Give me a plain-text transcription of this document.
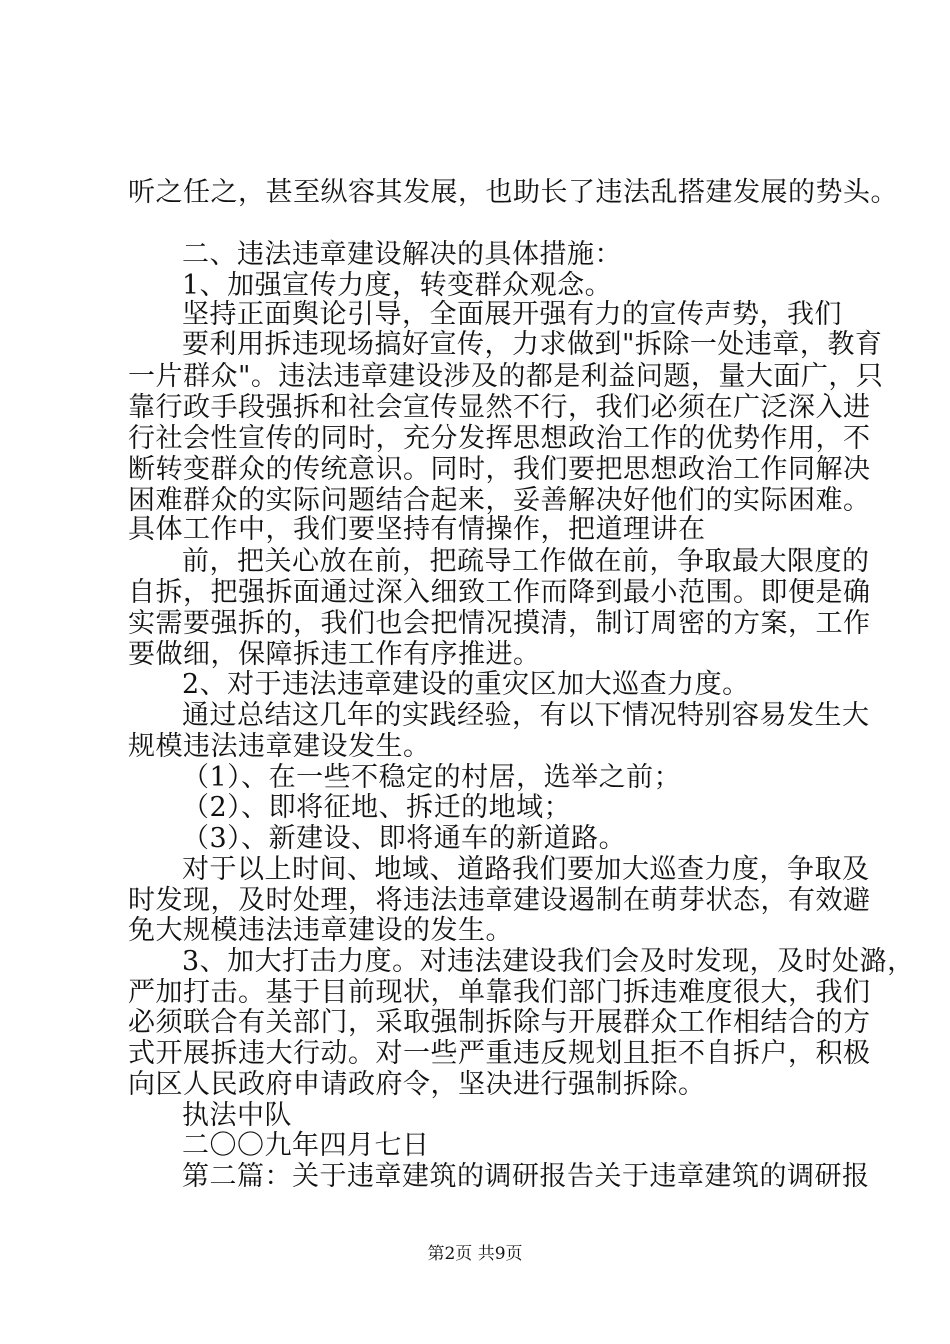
听之任之，甚至纵容其发展，也助长了违法乱搭建发展的势头。
二、违法违章建设解决的具体措施：
1、加强宣传力度，转变群众观念。
坚持正面舆论引导，全面展开强有力的宣传声势，我们
要利用拆违现场搞好宣传，力求做到"拆除一处违章，教育
一片群众"。违法违章建设涉及的都是利益问题，量大面广，只
靠行政手段强拆和社会宣传显然不行，我们必须在广泛深入进
行社会性宣传的同时，充分发挥思想政治工作的优势作用，不
断转变群众的传统意识。同时，我们要把思想政治工作同解决
困难群众的实际问题结合起来，妥善解决好他们的实际困难。
具体工作中，我们要坚持有情操作，把道理讲在
前，把关心放在前，把疏导工作做在前，争取最大限度的
自拆，把强拆面通过深入细致工作而降到最小范围。即便是确
实需要强拆的，我们也会把情况摸清，制订周密的方案，工作
要做细，保障拆违工作有序推进。
2、对于违法违章建设的重灾区加大巡查力度。
通过总结这几年的实践经验，有以下情况特别容易发生大
规模违法违章建设发生。
（1）、在一些不稳定的村居，选举之前；
（2）、即将征地、拆迁的地域；
（3）、新建设、即将通车的新道路。
对于以上时间、地域、道路我们要加大巡查力度，争取及
时发现，及时处理，将违法违章建设遏制在萌芽状态，有效避
免大规模违法违章建设的发生。
3、加大打击力度。对违法建设我们会及时发现，及时处潞，
严加打击。基于目前现状，单靠我们部门拆违难度很大，我们
必须联合有关部门，采取强制拆除与开展群众工作相结合的方
式开展拆违大行动。对一些严重违反规划且拒不自拆户，积极
向区人民政府申请政府令，坚决进行强制拆除。
执法中队
二〇〇九年四月七日
第二篇：关于违章建筑的调研报告关于违章建筑的调研报
第2页 共9页
